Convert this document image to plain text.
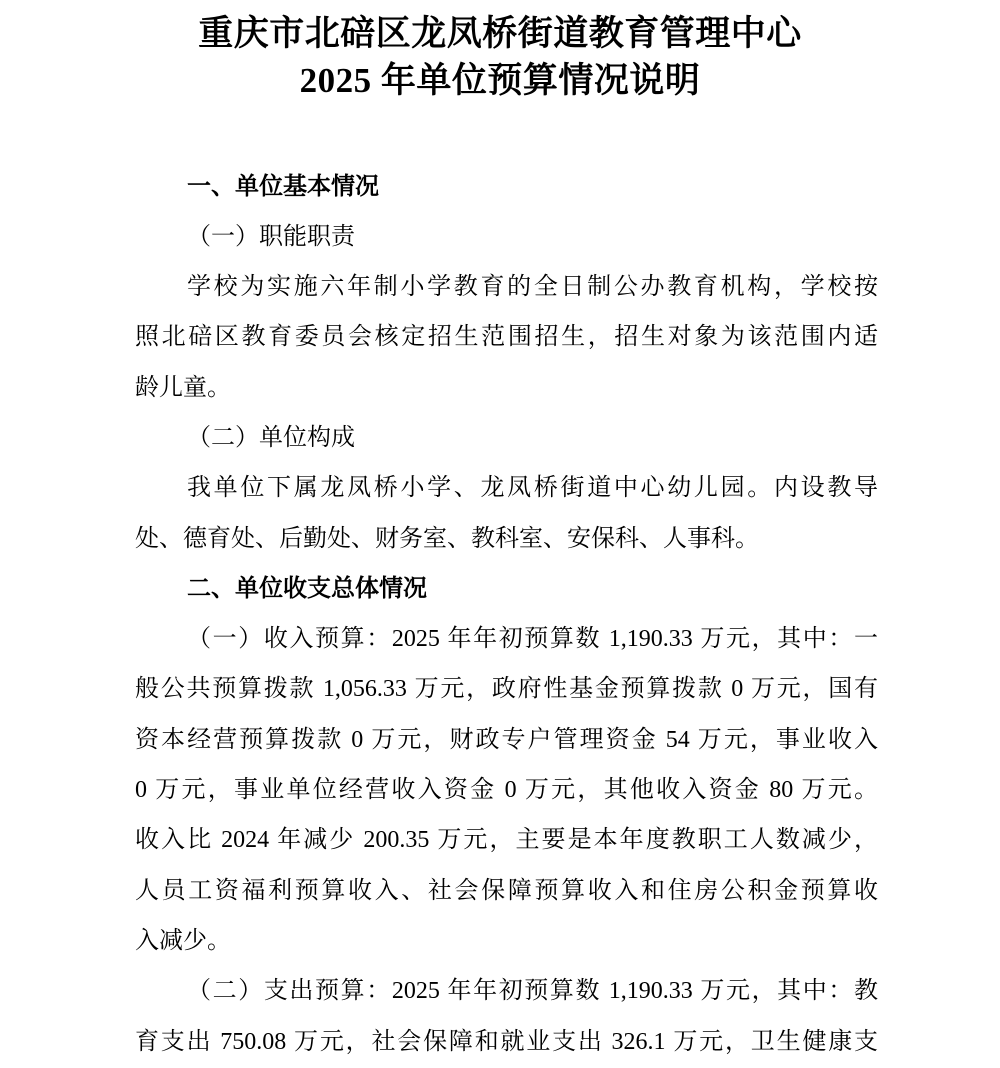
重庆市北碚区龙凤桥街道教育管理中心
2025 年单位预算情况说明
一、单位基本情况
（一）职能职责
学校为实施六年制小学教育的全日制公办教育机构，学校按
照北碚区教育委员会核定招生范围招生，招生对象为该范围内适
龄儿童。
（二）单位构成
我单位下属龙凤桥小学、龙凤桥街道中心幼儿园。内设教导
处、德育处、后勤处、财务室、教科室、安保科、人事科。
二、单位收支总体情况
（一）收入预算：2025 年年初预算数 1,190.33 万元，其中：一
般公共预算拨款 1,056.33 万元，政府性基金预算拨款 0 万元，国有
资本经营预算拨款 0 万元，财政专户管理资金 54 万元，事业收入
0 万元，事业单位经营收入资金 0 万元，其他收入资金 80 万元。
收入比 2024 年减少 200.35 万元，主要是本年度教职工人数减少，
人员工资福利预算收入、社会保障预算收入和住房公积金预算收
入减少。
（二）支出预算：2025 年年初预算数 1,190.33 万元，其中：教
育支出 750.08 万元，社会保障和就业支出 326.1 万元，卫生健康支
